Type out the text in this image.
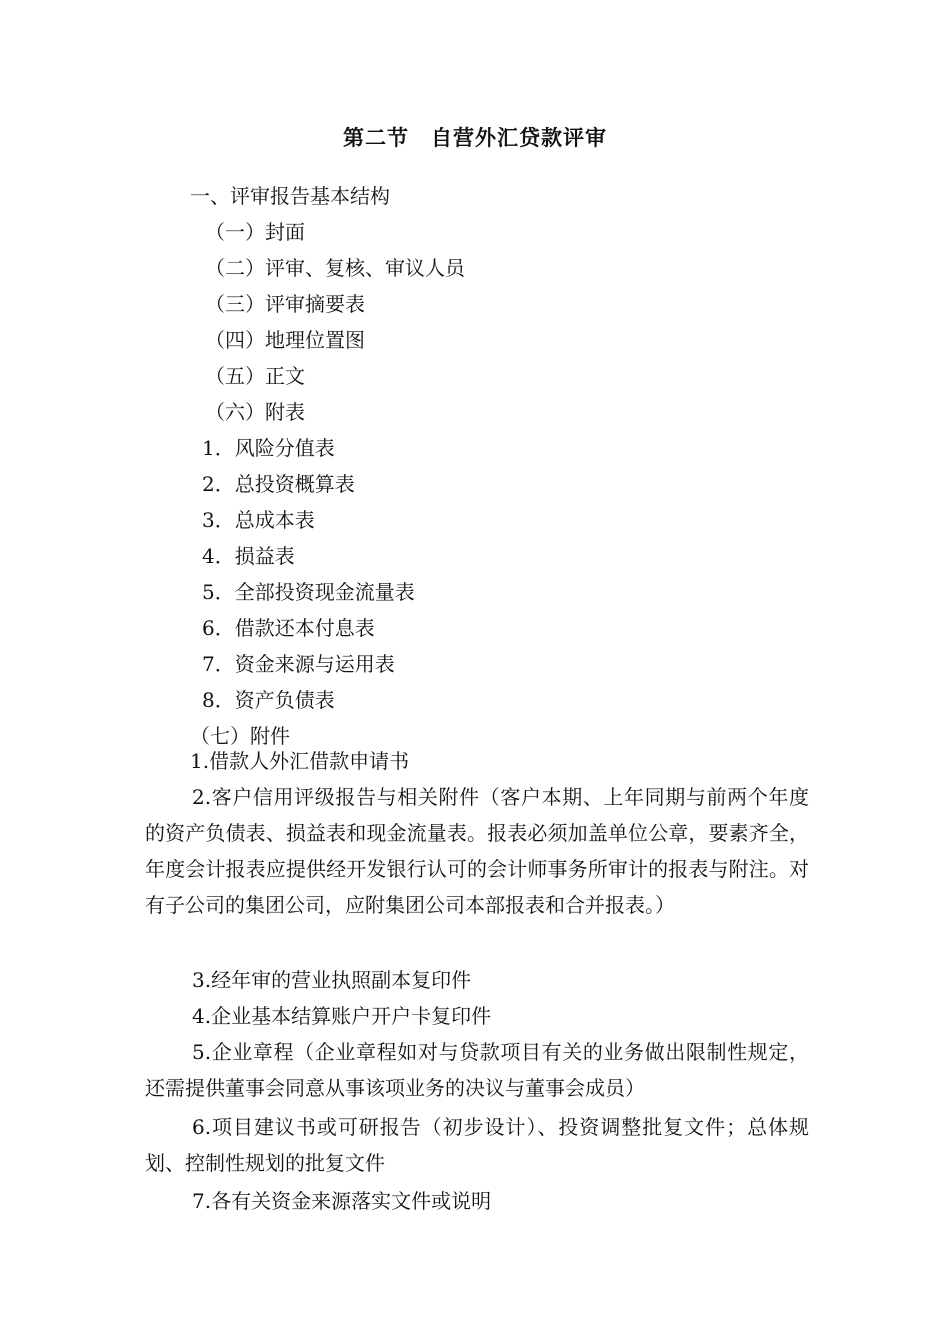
第二节　自营外汇贷款评审
一、评审报告基本结构
（一）封面
（二）评审、复核、审议人员
（三）评审摘要表
（四）地理位置图
（五）正文
（六）附表
1．风险分值表
2．总投资概算表
3．总成本表
4．损益表
5．全部投资现金流量表
6．借款还本付息表
7．资金来源与运用表
8．资产负债表
（七）附件
1.借款人外汇借款申请书
2.客户信用评级报告与相关附件（客户本期、上年同期与前两个年度的资产负债表、损益表和现金流量表。报表必须加盖单位公章，要素齐全，年度会计报表应提供经开发银行认可的会计师事务所审计的报表与附注。对有子公司的集团公司，应附集团公司本部报表和合并报表。）
3.经年审的营业执照副本复印件
4.企业基本结算账户开户卡复印件
5.企业章程（企业章程如对与贷款项目有关的业务做出限制性规定，还需提供董事会同意从事该项业务的决议与董事会成员）
6.项目建议书或可研报告（初步设计）、投资调整批复文件；总体规划、控制性规划的批复文件
7.各有关资金来源落实文件或说明
